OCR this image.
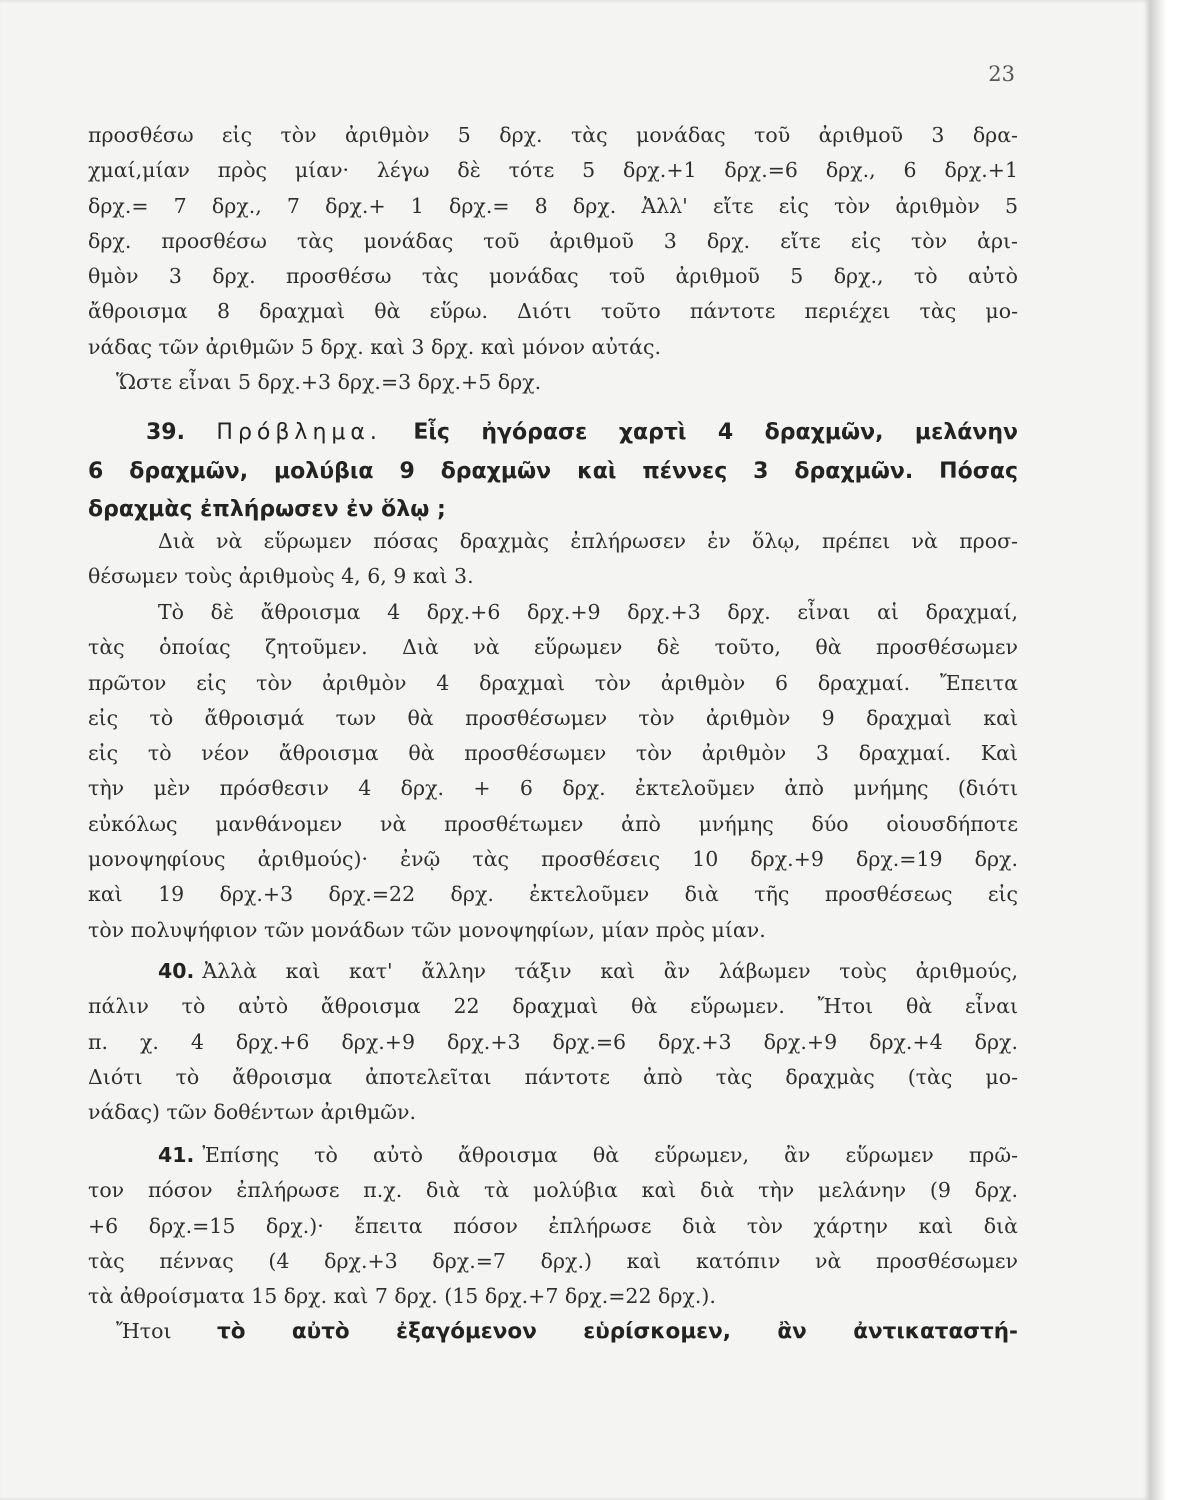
23
προσθέσω εἰς τὸν ἀριθμὸν 5 δρχ. τὰς μονάδας τοῦ ἀριθμοῦ 3 δρα-
χμαί,μίαν πρὸς μίαν· λέγω δὲ τότε 5 δρχ.+1 δρχ.=6 δρχ., 6 δρχ.+1
δρχ.= 7 δρχ., 7 δρχ.+ 1 δρχ.= 8 δρχ. Ἀλλ' εἴτε εἰς τὸν ἀριθμὸν 5
δρχ. προσθέσω τὰς μονάδας τοῦ ἀριθμοῦ 3 δρχ. εἴτε εἰς τὸν ἀρι-
θμὸν 3 δρχ. προσθέσω τὰς μονάδας τοῦ ἀριθμοῦ 5 δρχ., τὸ αὐτὸ
ἄθροισμα 8 δραχμαὶ θὰ εὕρω. Διότι τοῦτο πάντοτε περιέχει τὰς μο-
νάδας τῶν ἀριθμῶν 5 δρχ. καὶ 3 δρχ. καὶ μόνον αὐτάς.
Ὥστε εἶναι 5 δρχ.+3 δρχ.=3 δρχ.+5 δρχ.
39. Πρόβλημα. Εἷς ἠγόρασε χαρτὶ 4 δραχμῶν, μελάνην
6 δραχμῶν, μολύβια 9 δραχμῶν καὶ πέννες 3 δραχμῶν. Πόσας
δραχμὰς ἐπλήρωσεν ἐν ὅλῳ ;
Διὰ νὰ εὕρωμεν πόσας δραχμὰς ἐπλήρωσεν ἐν ὅλῳ, πρέπει νὰ προσ-
θέσωμεν τοὺς ἀριθμοὺς 4, 6, 9 καὶ 3.
Τὸ δὲ ἄθροισμα 4 δρχ.+6 δρχ.+9 δρχ.+3 δρχ. εἶναι αἱ δραχμαί,
τὰς ὁποίας ζητοῦμεν. Διὰ νὰ εὕρωμεν δὲ τοῦτο, θὰ προσθέσωμεν
πρῶτον εἰς τὸν ἀριθμὸν 4 δραχμαὶ τὸν ἀριθμὸν 6 δραχμαί. Ἔπειτα
εἰς τὸ ἄθροισμά των θὰ προσθέσωμεν τὸν ἀριθμὸν 9 δραχμαὶ καὶ
εἰς τὸ νέον ἄθροισμα θὰ προσθέσωμεν τὸν ἀριθμὸν 3 δραχμαί. Καὶ
τὴν μὲν πρόσθεσιν 4 δρχ. + 6 δρχ. ἐκτελοῦμεν ἀπὸ μνήμης (διότι
εὐκόλως μανθάνομεν νὰ προσθέτωμεν ἀπὸ μνήμης δύο οἱουσδήποτε
μονοψηφίους ἀριθμούς)· ἐνῷ τὰς προσθέσεις 10 δρχ.+9 δρχ.=19 δρχ.
καὶ 19 δρχ.+3 δρχ.=22 δρχ. ἐκτελοῦμεν διὰ τῆς προσθέσεως εἰς
τὸν πολυψήφιον τῶν μονάδων τῶν μονοψηφίων, μίαν πρὸς μίαν.
40. Ἀλλὰ καὶ κατ' ἄλλην τάξιν καὶ ἂν λάβωμεν τοὺς ἀριθμούς,
πάλιν τὸ αὐτὸ ἄθροισμα 22 δραχμαὶ θὰ εὕρωμεν. Ἤτοι θὰ εἶναι
π. χ. 4 δρχ.+6 δρχ.+9 δρχ.+3 δρχ.=6 δρχ.+3 δρχ.+9 δρχ.+4 δρχ.
Διότι τὸ ἄθροισμα ἀποτελεῖται πάντοτε ἀπὸ τὰς δραχμὰς (τὰς μο-
νάδας) τῶν δοθέντων ἀριθμῶν.
41. Ἐπίσης τὸ αὐτὸ ἄθροισμα θὰ εὕρωμεν, ἂν εὕρωμεν πρῶ-
τον πόσον ἐπλήρωσε π.χ. διὰ τὰ μολύβια καὶ διὰ τὴν μελάνην (9 δρχ.
+6 δρχ.=15 δρχ.)· ἔπειτα πόσον ἐπλήρωσε διὰ τὸν χάρτην καὶ διὰ
τὰς πέννας (4 δρχ.+3 δρχ.=7 δρχ.) καὶ κατόπιν νὰ προσθέσωμεν
τὰ ἀθροίσματα 15 δρχ. καὶ 7 δρχ. (15 δρχ.+7 δρχ.=22 δρχ.).
Ἤτοι τὸ αὐτὸ ἐξαγόμενον εὑρίσκομεν, ἂν ἀντικαταστή-
